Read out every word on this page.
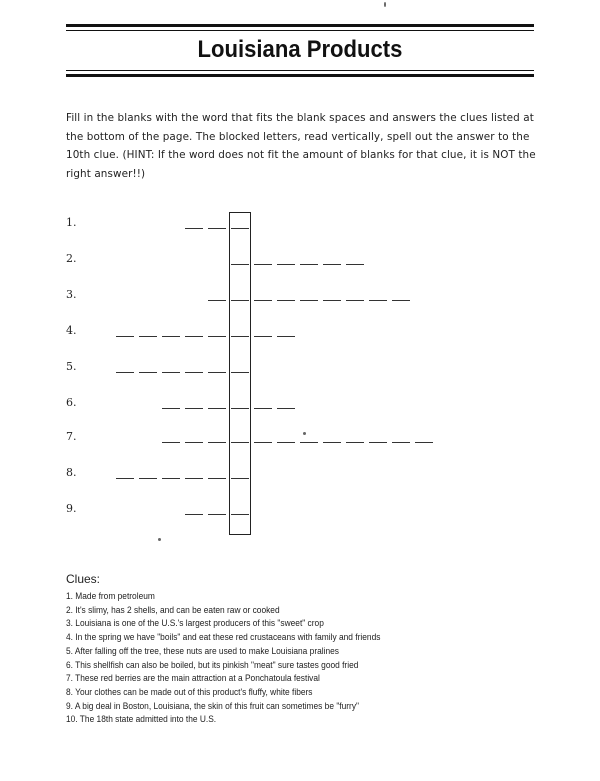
Louisiana Products
Fill in the blanks with the word that fits the blank spaces and answers the clues listed at the bottom of the page. The blocked letters, read vertically, spell out the answer to the 10th clue. (HINT: If the word does not fit the amount of blanks for that clue, it is NOT the right answer!!)
1.
2.
3.
4.
5.
6.
7.
8.
9.
Clues:
1. Made from petroleum
2. It's slimy, has 2 shells, and can be eaten raw or cooked
3. Louisiana is one of the U.S.'s largest producers of this "sweet" crop
4. In the spring we have "boils" and eat these red crustaceans with family and friends
5. After falling off the tree, these nuts are used to make Louisiana pralines
6. This shellfish can also be boiled, but its pinkish "meat" sure tastes good fried
7. These red berries are the main attraction at a Ponchatoula festival
8. Your clothes can be made out of this product's fluffy, white fibers
9. A big deal in Boston, Louisiana, the skin of this fruit can sometimes be "furry"
10. The 18th state admitted into the U.S.
